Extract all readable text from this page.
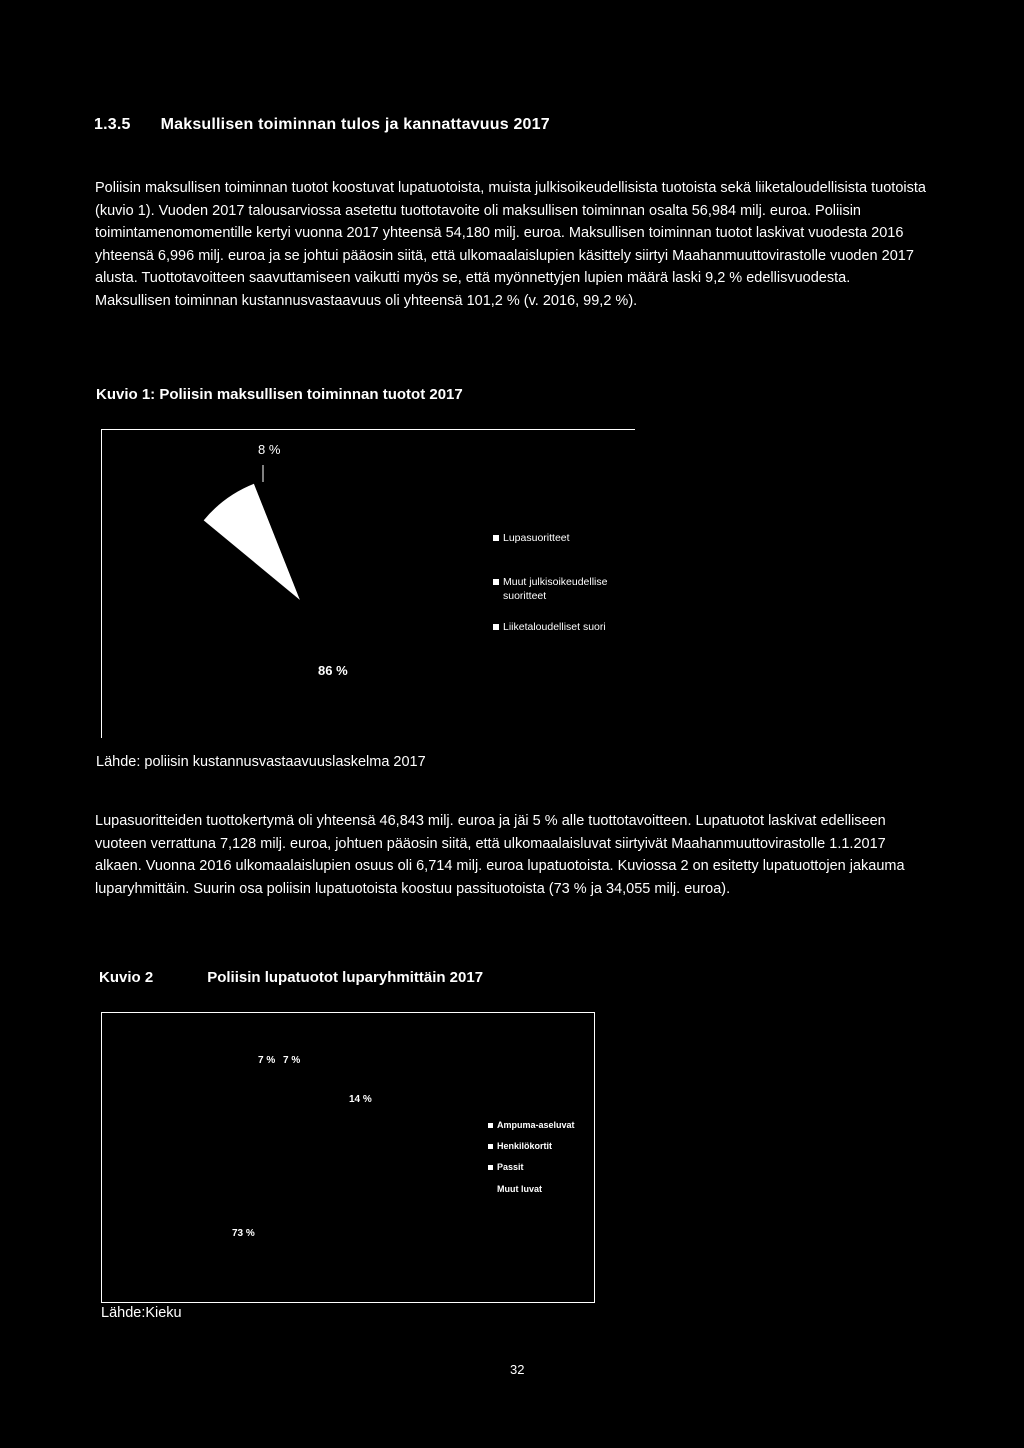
1.3.5 Maksullisen toiminnan tulos ja kannattavuus 2017

Poliisin maksullisen toiminnan tuotot koostuvat lupatuotoista, muista julkisoikeudellisista tuotoista sekä liiketaloudellisista tuotoista (kuvio 1). Vuoden 2017 talousarviossa asetettu tuottotavoite oli maksullisen toiminnan osalta 56,984 milj. euroa. Poliisin toimintamenomomentille kertyi vuonna 2017 yhteensä 54,180 milj. euroa. Maksullisen toiminnan tuotot laskivat vuodesta 2016 yhteensä 6,996 milj. euroa ja se johtui pääosin siitä, että ulkomaalaislupien käsittely siirtyi Maahanmuuttovirastolle vuoden 2017 alusta. Tuottotavoitteen saavuttamiseen vaikutti myös se, että myönnettyjen lupien määrä laski 9,2 % edellisvuodesta. Maksullisen toiminnan kustannusvastaavuus oli yhteensä 101,2 % (v. 2016, 99,2 %).

Kuvio 1: Poliisin maksullisen toiminnan tuotot 2017
Lähde: poliisin kustannusvastaavuuslaskelma 2017

Lupasuoritteiden tuottokertymä oli yhteensä 46,843 milj. euroa ja jäi 5 % alle tuottotavoitteen. Lupatuotot laskivat edelliseen vuoteen verrattuna 7,128 milj. euroa, johtuen pääosin siitä, että ulkomaalaisluvat siirtyivät Maahanmuuttovirastolle 1.1.2017 alkaen. Vuonna 2016 ulkomaalaislupien osuus oli 6,714 milj. euroa lupatuotoista. Kuviossa 2 on esitetty lupatuottojen jakauma luparyhmittäin. Suurin osa poliisin lupatuotoista koostuu passituotoista (73 % ja 34,055 milj. euroa).

Kuvio 2	Poliisin lupatuotot luparyhmittäin 2017
Lähde:Kieku
86 %
8 %
7 %
14 %
73 %
7 %
Lupasuoritteet
Muut julkisoikeudellise suoritteet
Liiketaloudelliset suori
Ampuma-aseluvat
Henkilökortit
Passit
Muut luvat
32
